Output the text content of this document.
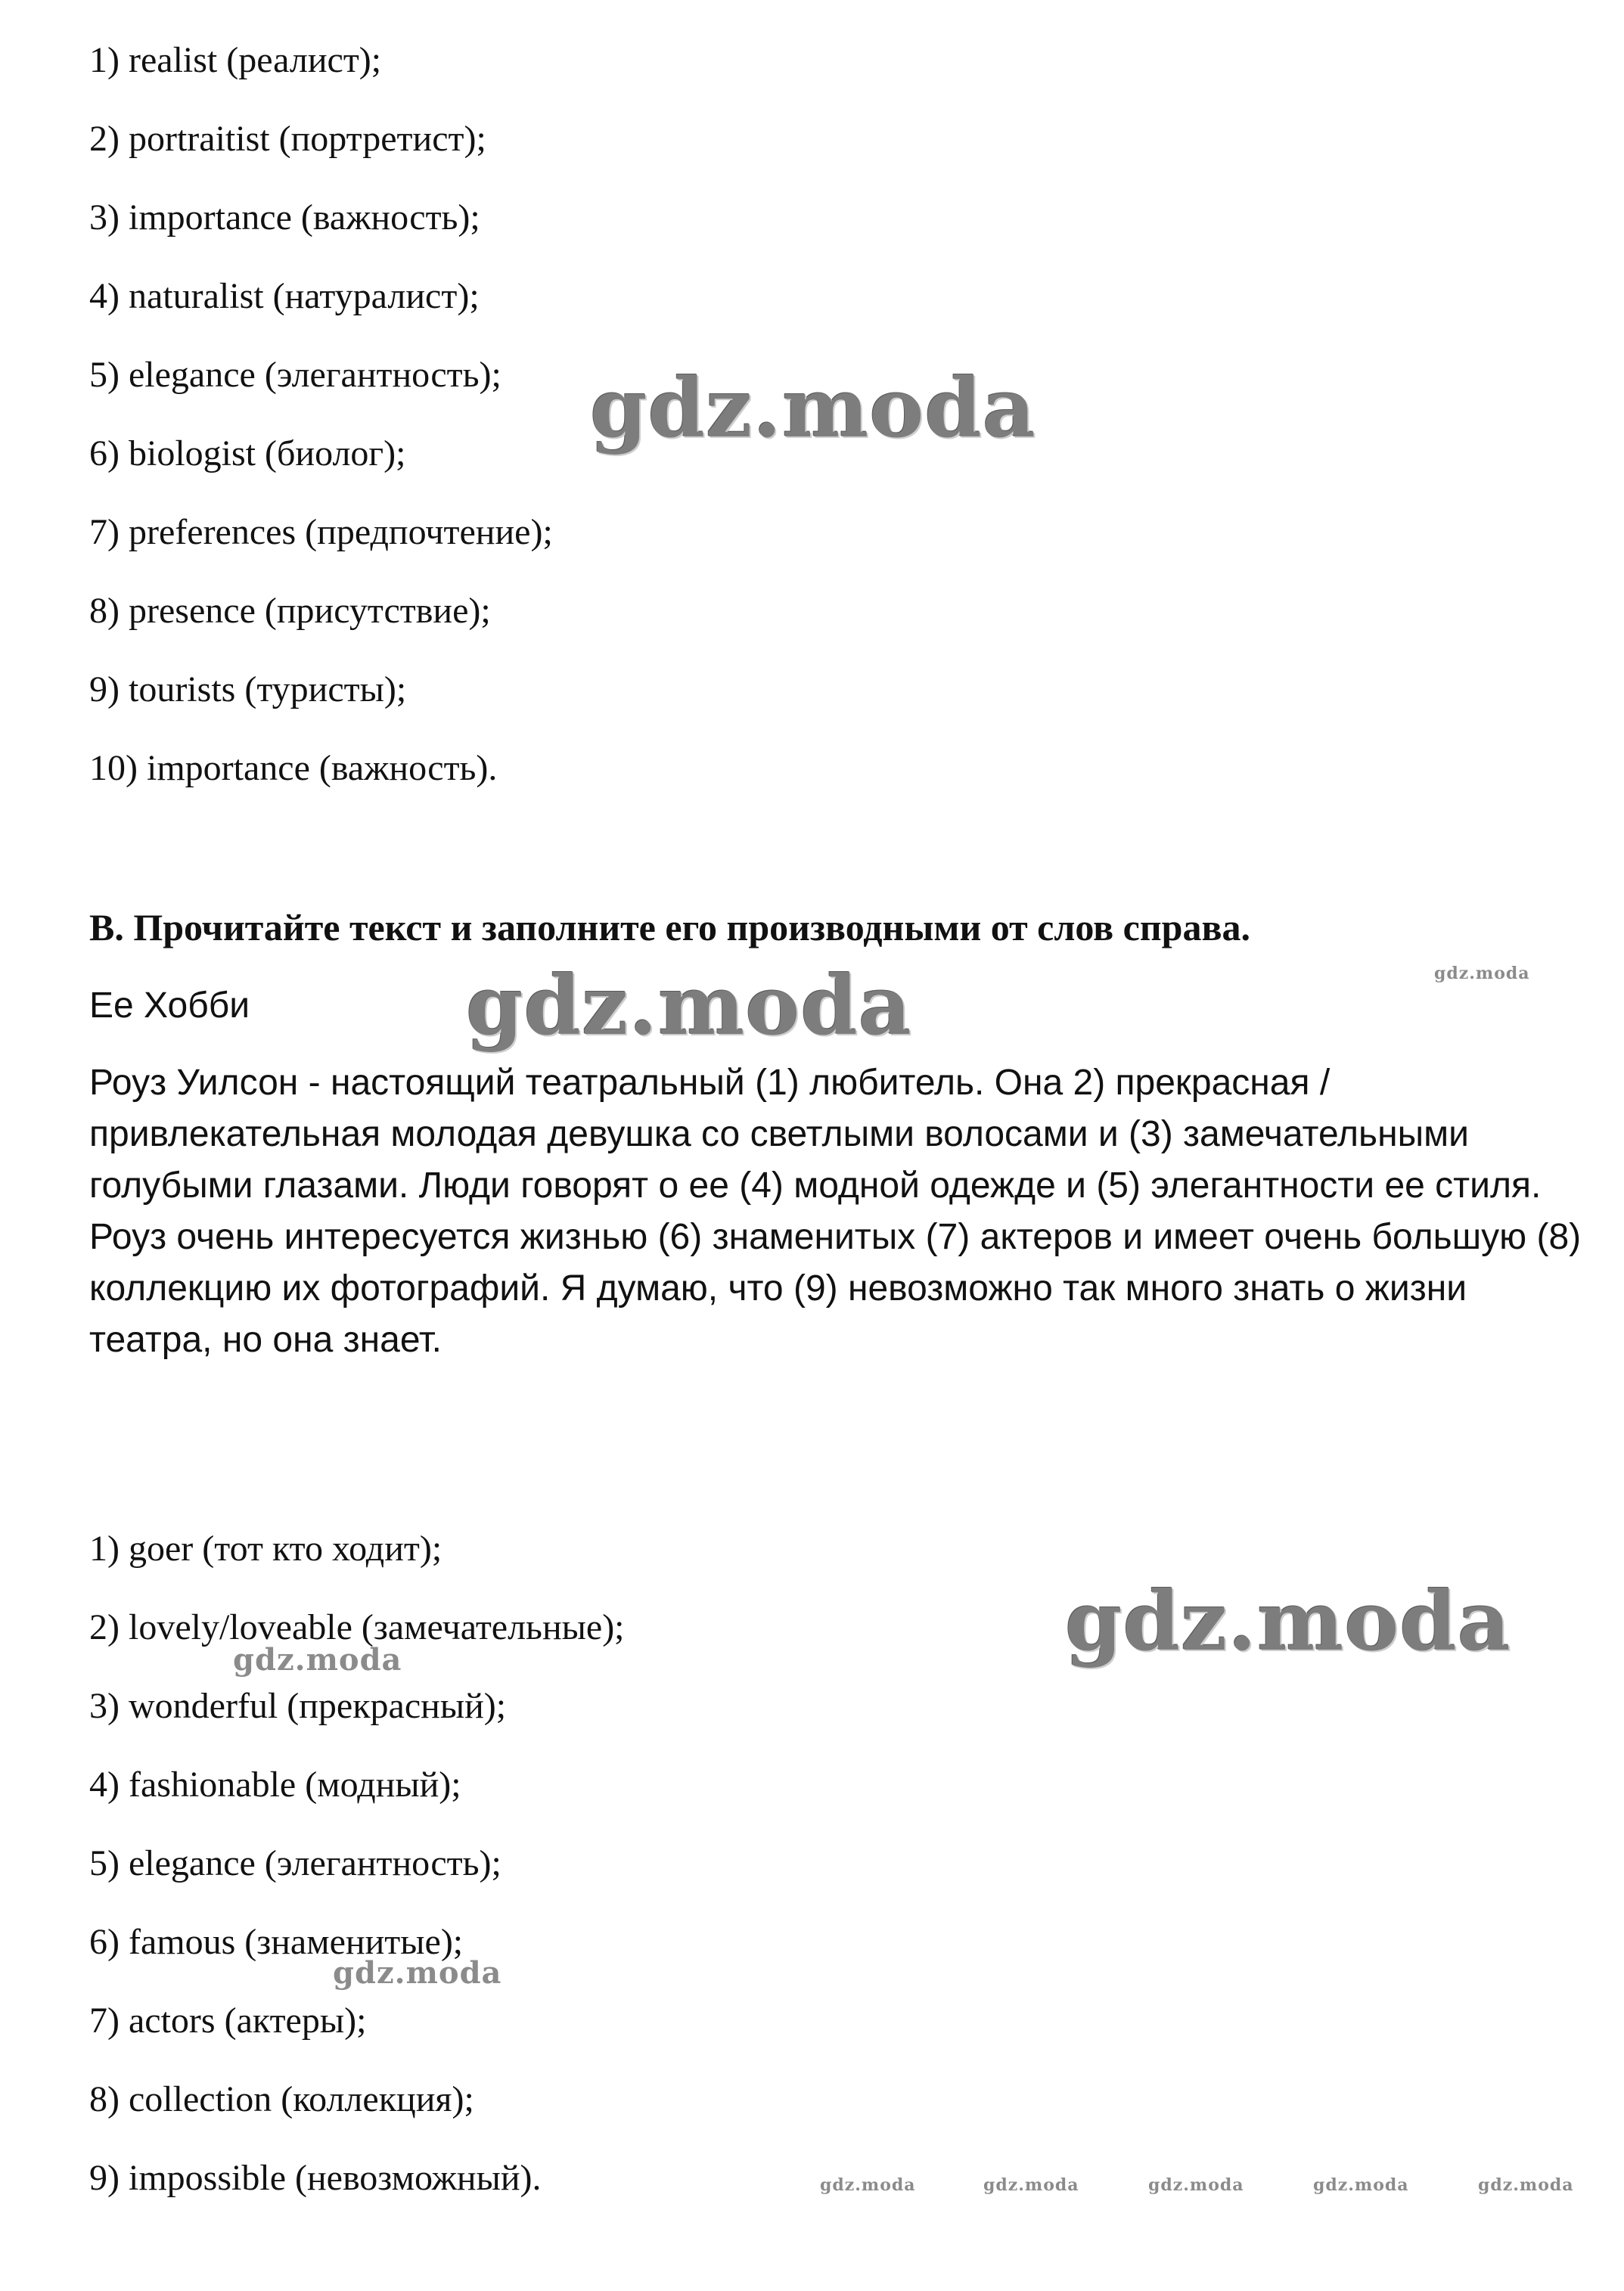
1) realist (реалист);
2) portraitist (портретист);
3) importance (важность);
4) naturalist (натуралист);
5) elegance (элегантность);
6) biologist (биолог);
7) preferences (предпочтение);
8) presence (присутствие);
9) tourists (туристы);
10) importance (важность).
B. Прочитайте текст и заполните его производными от слов справа.
Ее Хобби

Роуз Уилсон - настоящий театральный (1) любитель. Она 2) прекрасная / привлекательная молодая девушка со светлыми волосами и (3) замечательными голубыми глазами. Люди говорят о ее (4) модной одежде и (5) элегантности ее стиля. Роуз очень интересуется жизнью (6) знаменитых (7) актеров и имеет очень большую (8) коллекцию их фотографий. Я думаю, что (9) невозможно так много знать о жизни театра, но она знает.

1) goer (тот кто ходит);
2) lovely/loveable (замечательные);
3) wonderful (прекрасный);
4) fashionable (модный);
5) elegance (элегантность);
6) famous (знаменитые);
7) actors (актеры);
8) collection (коллекция);
9) impossible (невозможный).
gdz.moda
gdz.moda
gdz.moda
gdz.moda
gdz.moda
gdz.moda
gdz.moda	gdz.moda	gdz.moda	gdz.moda	gdz.moda
